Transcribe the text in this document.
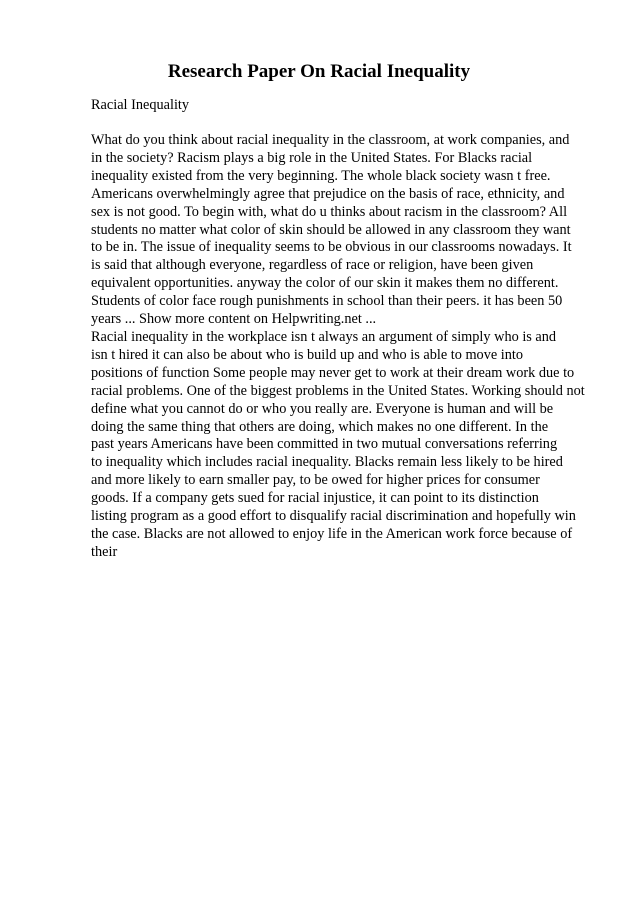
Research Paper On Racial Inequality

Racial Inequality

What do you think about racial inequality in the classroom, at work companies, and
in the society? Racism plays a big role in the United States. For Blacks racial
inequality existed from the very beginning. The whole black society wasn t free.
Americans overwhelmingly agree that prejudice on the basis of race, ethnicity, and
sex is not good. To begin with, what do u thinks about racism in the classroom? All
students no matter what color of skin should be allowed in any classroom they want
to be in. The issue of inequality seems to be obvious in our classrooms nowadays. It
is said that although everyone, regardless of race or religion, have been given
equivalent opportunities. anyway the color of our skin it makes them no different.
Students of color face rough punishments in school than their peers. it has been 50
years ... Show more content on Helpwriting.net ...
Racial inequality in the workplace isn t always an argument of simply who is and
isn t hired it can also be about who is build up and who is able to move into
positions of function Some people may never get to work at their dream work due to
racial problems. One of the biggest problems in the United States. Working should not
define what you cannot do or who you really are. Everyone is human and will be
doing the same thing that others are doing, which makes no one different. In the
past years Americans have been committed in two mutual conversations referring
to inequality which includes racial inequality. Blacks remain less likely to be hired
and more likely to earn smaller pay, to be owed for higher prices for consumer
goods. If a company gets sued for racial injustice, it can point to its distinction
listing program as a good effort to disqualify racial discrimination and hopefully win
the case. Blacks are not allowed to enjoy life in the American work force because of
their
